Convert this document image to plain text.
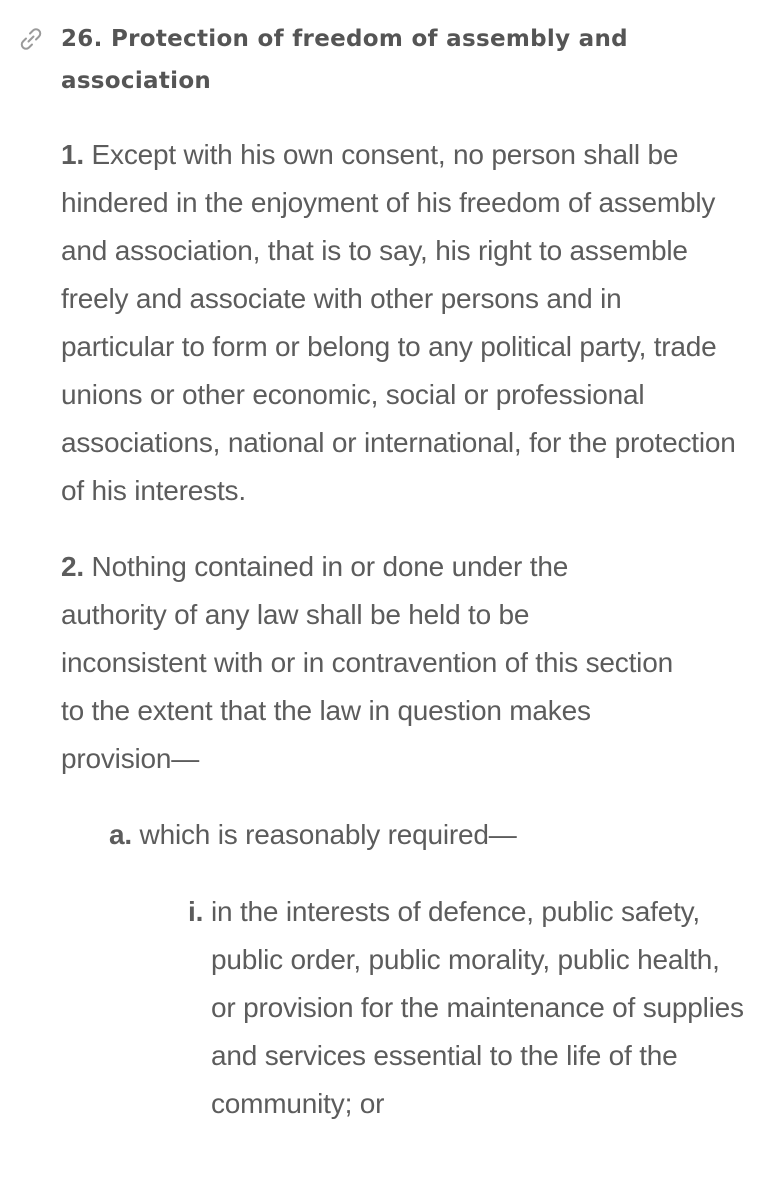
26. Protection of freedom of assembly and association

1. Except with his own consent, no person shall be hindered in the enjoyment of his freedom of assembly and association, that is to say, his right to assemble freely and associate with other persons and in particular to form or belong to any political party, trade unions or other economic, social or professional associations, national or international, for the protection of his interests.

2. Nothing contained in or done under the authority of any law shall be held to be inconsistent with or in contravention of this section to the extent that the law in question makes provision—

a. which is reasonably required—

i. in the interests of defence, public safety, public order, public morality, public health, or provision for the maintenance of supplies and services essential to the life of the community; or
